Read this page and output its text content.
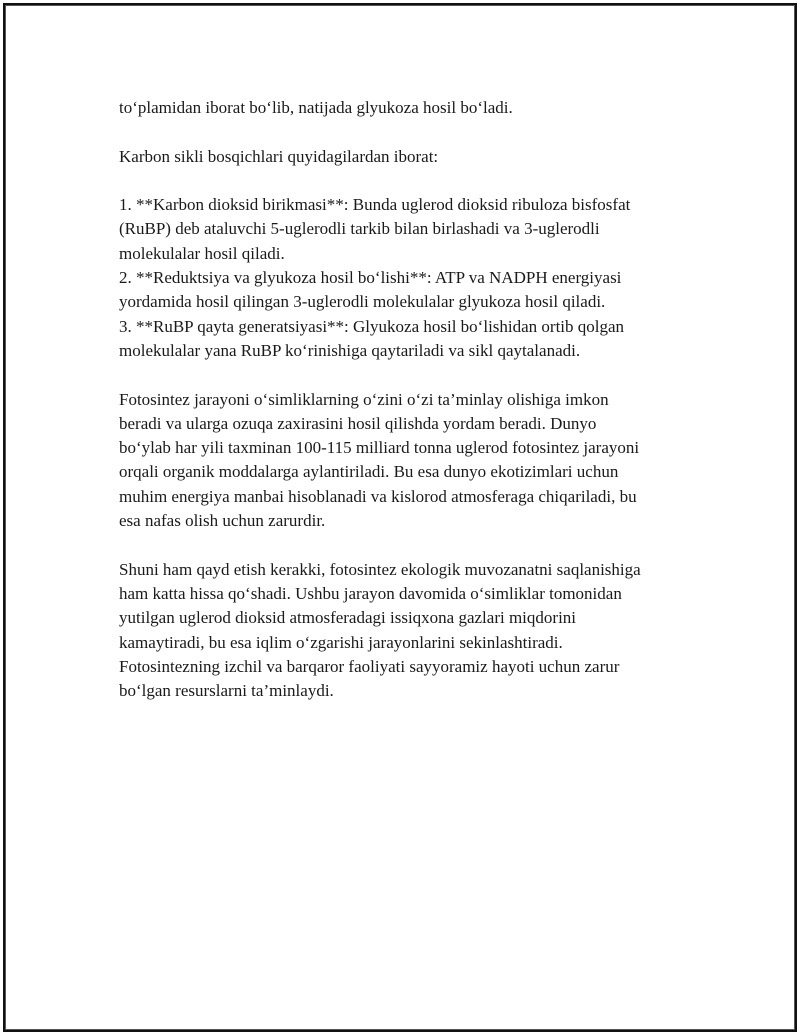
to‘plamidan iborat bo‘lib, natijada glyukoza hosil bo‘ladi.

Karbon sikli bosqichlari quyidagilardan iborat:

1. **Karbon dioksid birikmasi**: Bunda uglerod dioksid ribuloza bisfosfat

(RuBP) deb ataluvchi 5-uglerodli tarkib bilan birlashadi va 3-uglerodli

molekulalar hosil qiladi.

2. **Reduktsiya va glyukoza hosil bo‘lishi**: ATP va NADPH energiyasi

yordamida hosil qilingan 3-uglerodli molekulalar glyukoza hosil qiladi.

3. **RuBP qayta generatsiyasi**: Glyukoza hosil bo‘lishidan ortib qolgan

molekulalar yana RuBP ko‘rinishiga qaytariladi va sikl qaytalanadi.

Fotosintez jarayoni o‘simliklarning o‘zini o‘zi ta’minlay olishiga imkon

beradi va ularga ozuqa zaxirasini hosil qilishda yordam beradi. Dunyo

bo‘ylab har yili taxminan 100-115 milliard tonna uglerod fotosintez jarayoni

orqali organik moddalarga aylantiriladi. Bu esa dunyo ekotizimlari uchun

muhim energiya manbai hisoblanadi va kislorod atmosferaga chiqariladi, bu

esa nafas olish uchun zarurdir.

Shuni ham qayd etish kerakki, fotosintez ekologik muvozanatni saqlanishiga

ham katta hissa qo‘shadi. Ushbu jarayon davomida o‘simliklar tomonidan

yutilgan uglerod dioksid atmosferadagi issiqxona gazlari miqdorini

kamaytiradi, bu esa iqlim o‘zgarishi jarayonlarini sekinlashtiradi.

Fotosintezning izchil va barqaror faoliyati sayyoramiz hayoti uchun zarur

bo‘lgan resurslarni ta’minlaydi.
